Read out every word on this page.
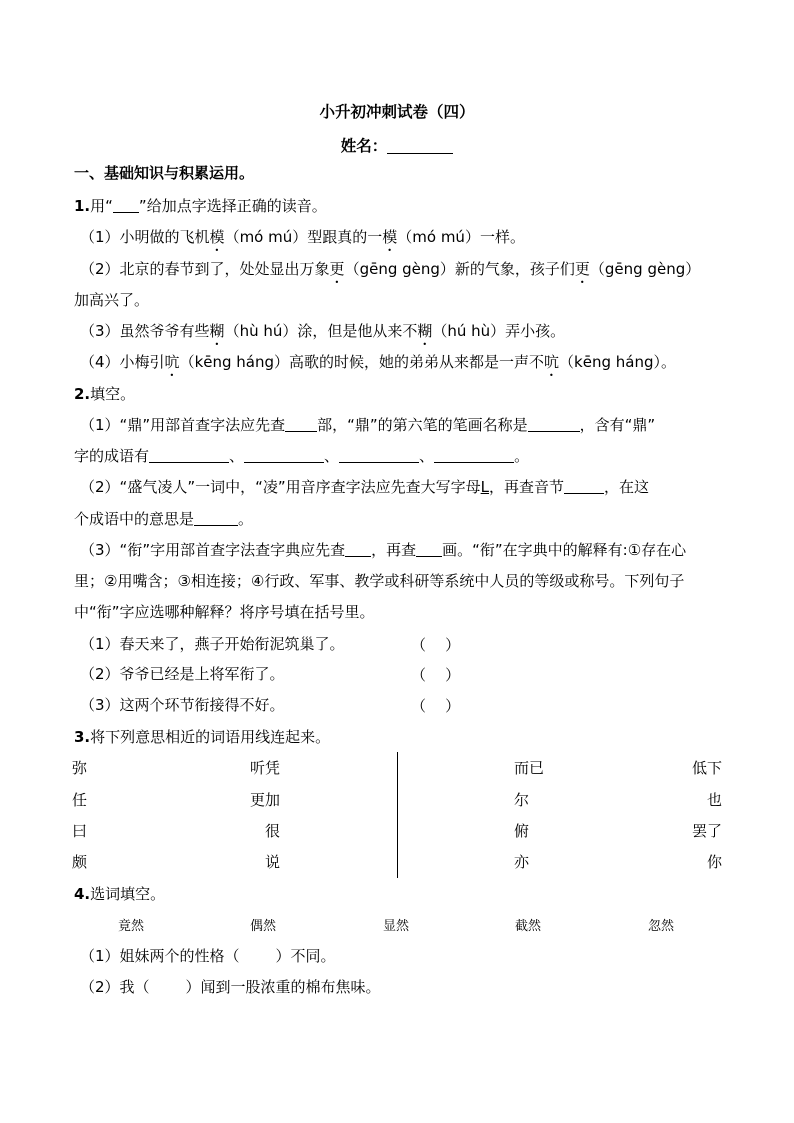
小升初冲刺试卷（四）
姓名：
一、基础知识与积累运用。
1.用“ ”给加点字选择正确的读音。
（1）小明做的飞机模（mó mú）型跟真的一模（mó mú）一样。
（2）北京的春节到了，处处显出万象更（gēng gèng）新的气象，孩子们更（gēng gèng）
加高兴了。
（3）虽然爷爷有些糊（hù hú）涂，但是他从来不糊（hú hù）弄小孩。
（4）小梅引吭（kēng háng）高歌的时候，她的弟弟从来都是一声不吭（kēng háng）。
2.填空。
（1）“鼎”用部首查字法应先查 部，“鼎”的第六笔的笔画名称是	，含有“鼎”
字的成语有	、	、	、	。
（2）“盛气凌人”一词中，“凌”用音序查字法应先查大写字母L，再查音节	，在这
个成语中的意思是	。
（3）“衔”字用部首查字法查字典应先查 ，再查 画。“衔”在字典中的解释有:①存在心
里；②用嘴含；③相连接；④行政、军事、教学或科研等系统中人员的等级或称号。下列句子
中“衔”字应选哪种解释？将序号填在括号里。
（1）春天来了，燕子开始衔泥筑巢了。	（    ）
（2）爷爷已经是上将军衔了。	（    ）
（3）这两个环节衔接得不好。	（    ）
3.将下列意思相近的词语用线连起来。
弥	听凭
任	更加
曰	很
颇	说
而已	低下
尔	也
俯	罢了
亦	你
4.选词填空。
竟然	偶然	显然	截然	忽然
（1）姐妹两个的性格（ ）不同。
（2）我（ ）闻到一股浓重的棉布焦味。
